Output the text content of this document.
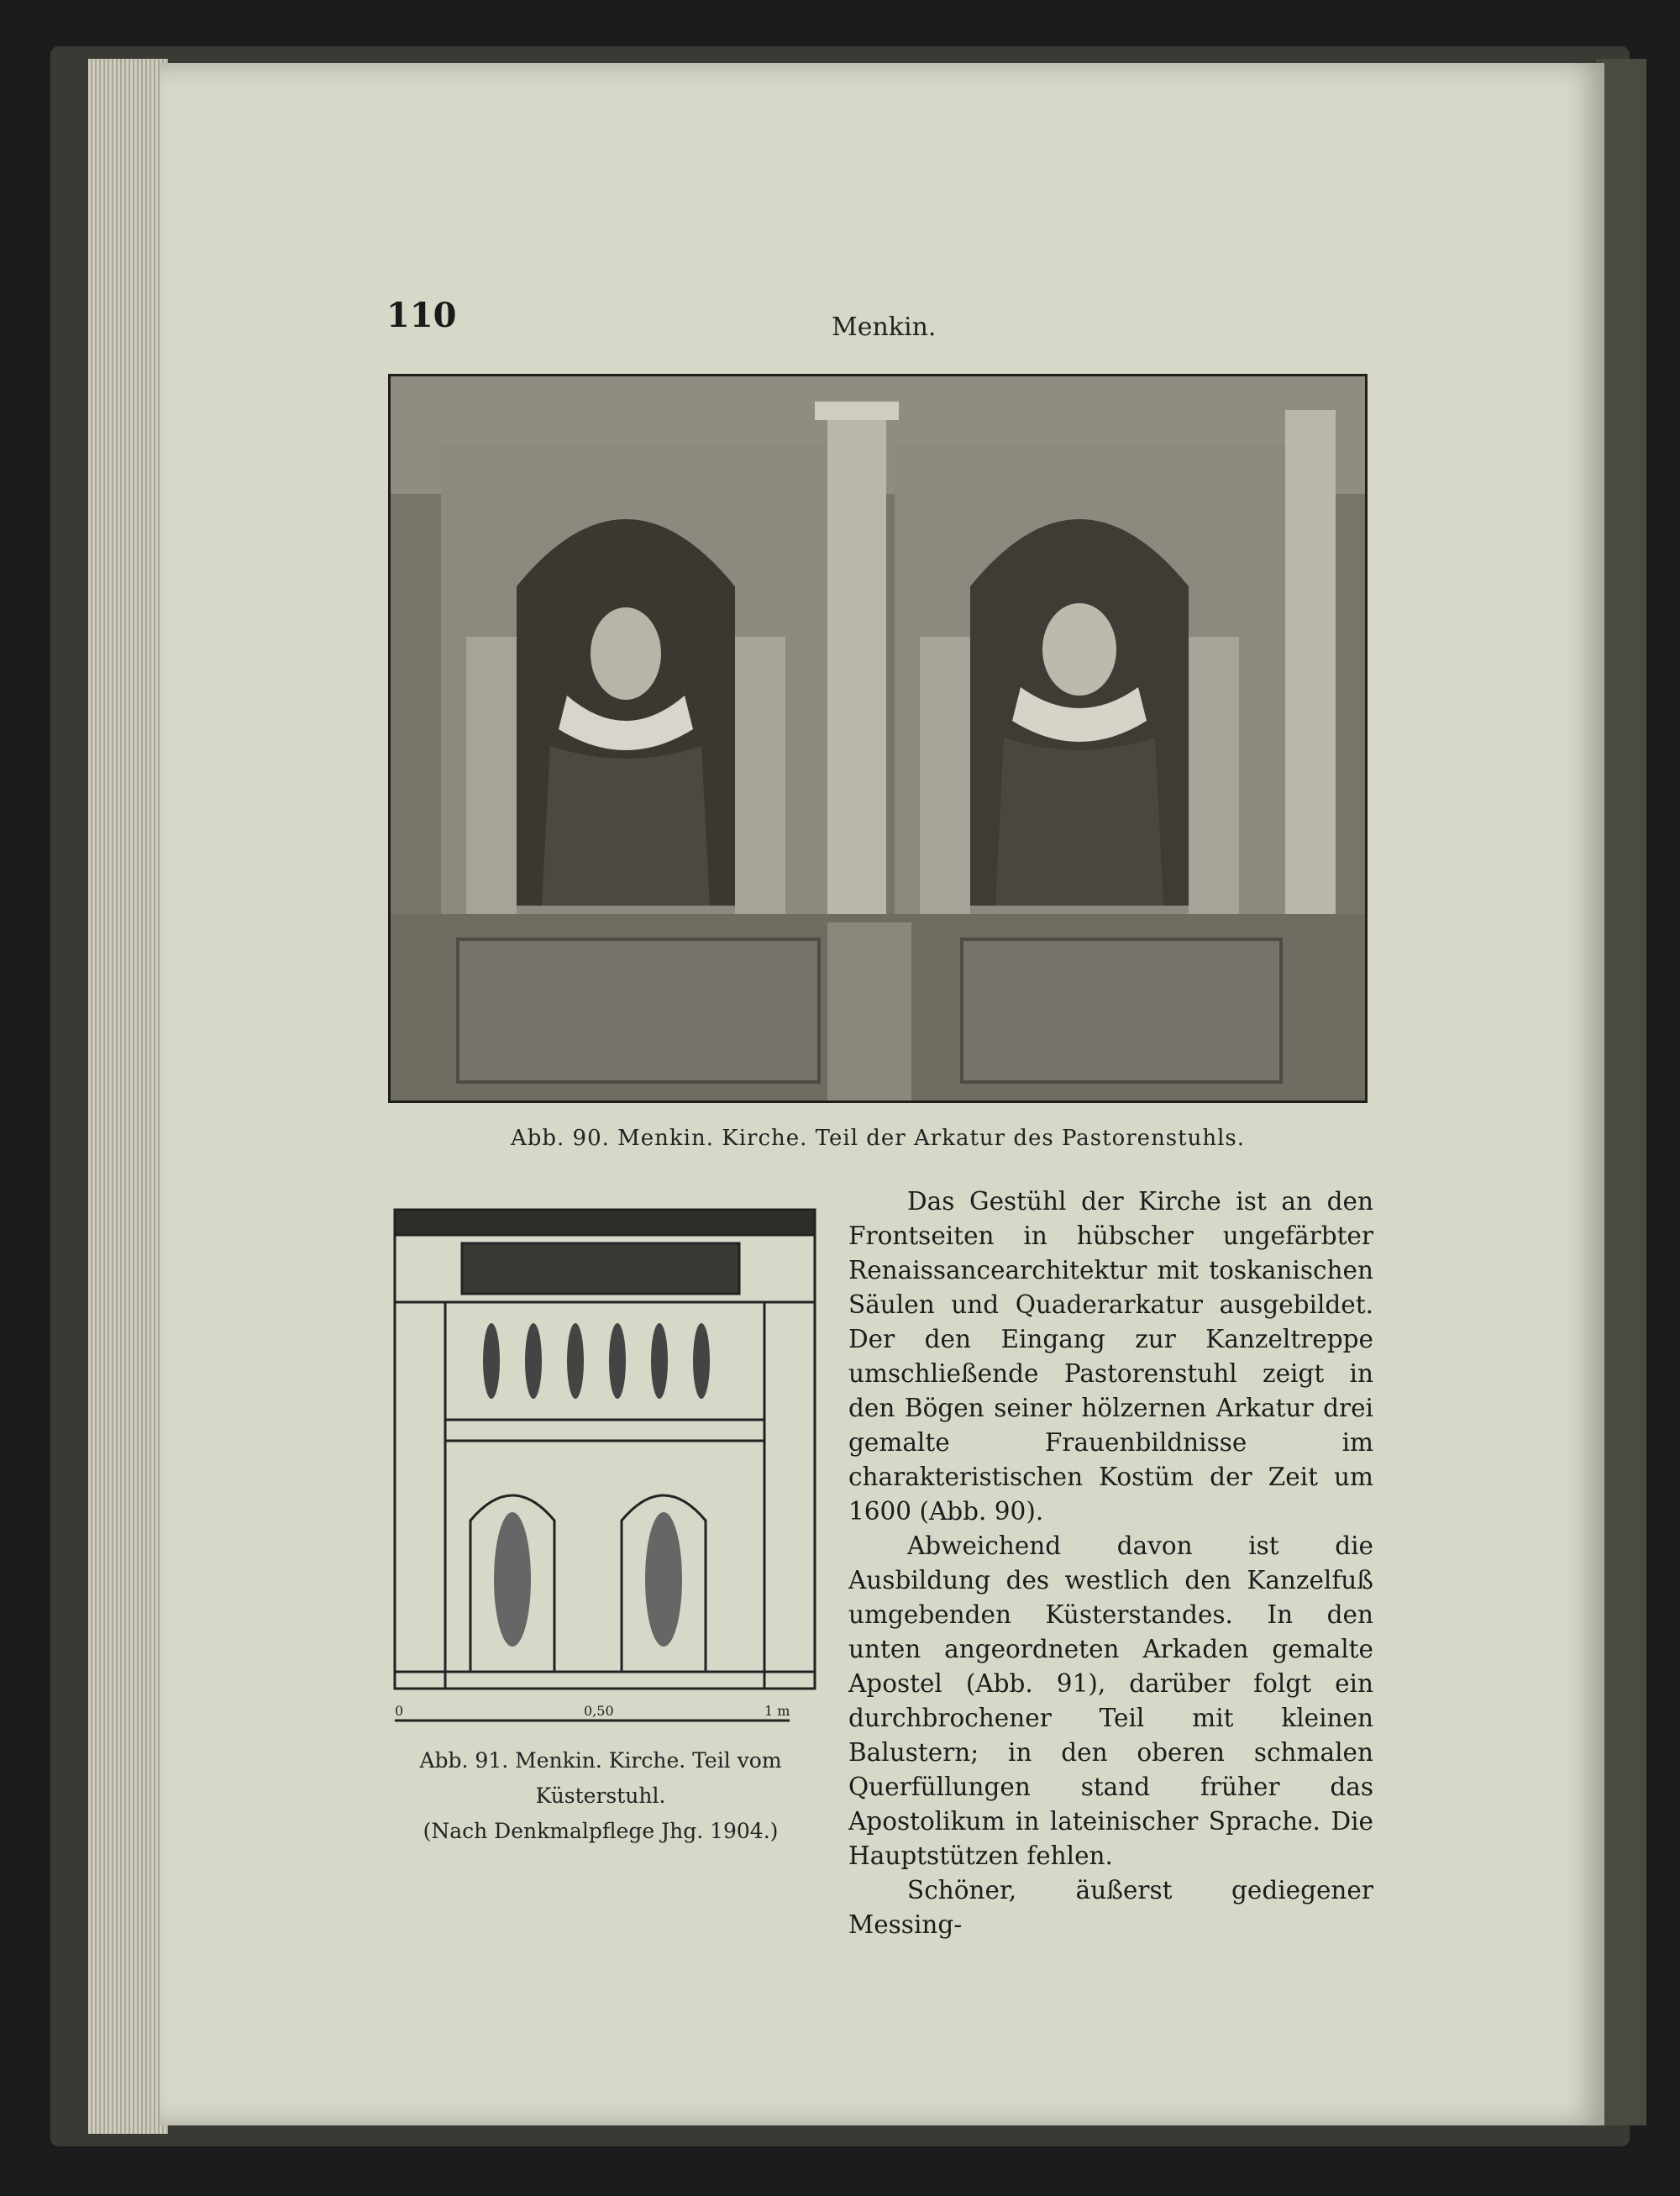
110	Menkin.
Abb. 90. Menkin. Kirche. Teil der Arkatur des Pastorenstuhls.
0	0,50	1 m
Abb. 91. Menkin. Kirche. Teil vom Küsterstuhl.
(Nach Denkmalpflege Jhg. 1904.)

Das Gestühl der Kirche ist an den Frontseiten in hübscher ungefärbter Renaissancearchitektur mit toskanischen Säulen und Quaderarkatur ausgebildet. Der den Eingang zur Kanzeltreppe umschließende Pastorenstuhl zeigt in den Bögen seiner hölzernen Arkatur drei gemalte Frauenbildnisse im charakteristischen Kostüm der Zeit um 1600 (Abb. 90).

Abweichend davon ist die Ausbildung des westlich den Kanzelfuß umgebenden Küsterstandes. In den unten angeordneten Arkaden gemalte Apostel (Abb. 91), darüber folgt ein durchbrochener Teil mit kleinen Balustern; in den oberen schmalen Querfüllungen stand früher das Apostolikum in lateinischer Sprache. Die Hauptstützen fehlen.

Schöner, äußerst gediegener Messing-
